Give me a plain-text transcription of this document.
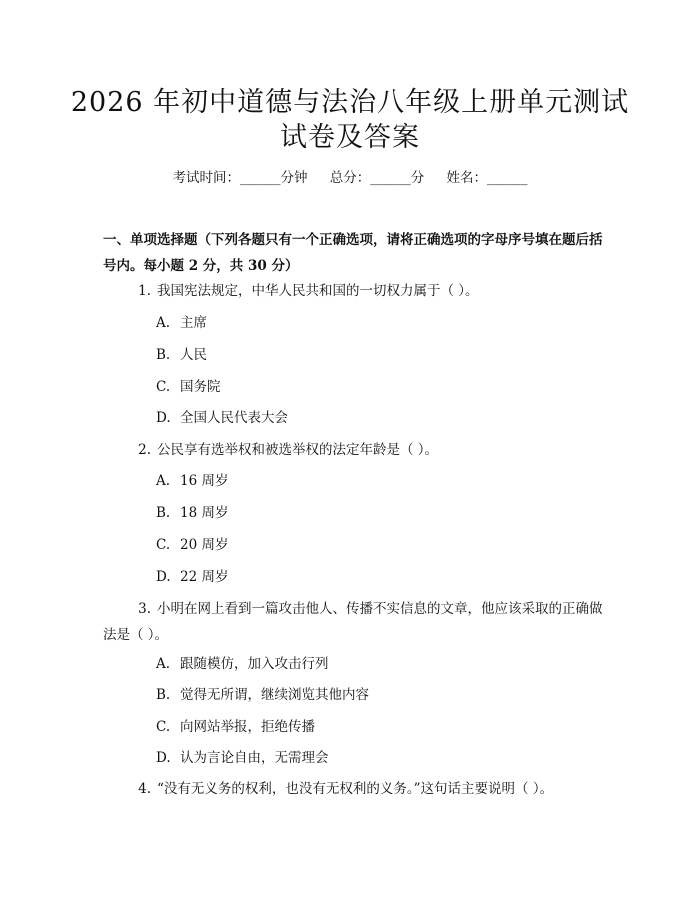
2026 年初中道德与法治八年级上册单元测试
试卷及答案
考试时间：______分钟 总分：______分 姓名：______
一、单项选择题（下列各题只有一个正确选项，请将正确选项的字母序号填在题后括号内。每小题 2 分，共 30 分）
1. 我国宪法规定，中华人民共和国的一切权力属于（ ）。
A. 主席
B. 人民
C. 国务院
D. 全国人民代表大会
2. 公民享有选举权和被选举权的法定年龄是（ ）。
A. 16 周岁
B. 18 周岁
C. 20 周岁
D. 22 周岁
3. 小明在网上看到一篇攻击他人、传播不实信息的文章，他应该采取的正确做法是（ ）。
A. 跟随模仿，加入攻击行列
B. 觉得无所谓，继续浏览其他内容
C. 向网站举报，拒绝传播
D. 认为言论自由，无需理会
4. “没有无义务的权利，也没有无权利的义务。”这句话主要说明（ ）。
